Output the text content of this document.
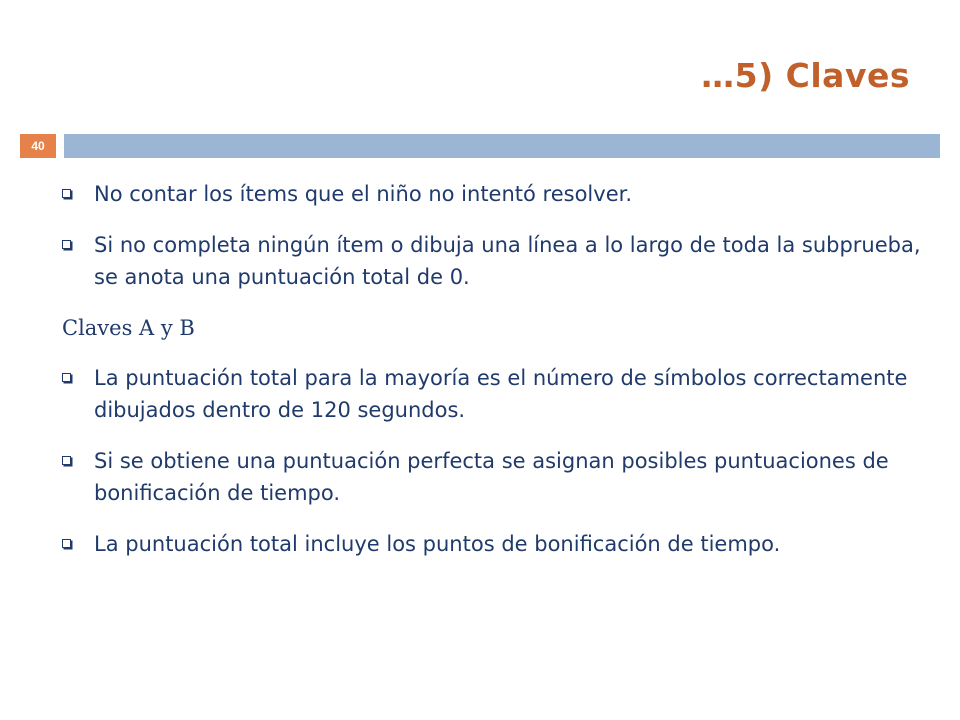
…5) Claves
40
No contar los ítems que el niño no intentó resolver.
Si no completa ningún ítem o dibuja una línea a lo largo de toda la subprueba, se anota una puntuación total de 0.
Claves A y B
La puntuación total para la mayoría es el número de símbolos correctamente dibujados dentro de 120 segundos.
Si se obtiene una puntuación perfecta se asignan posibles puntuaciones de bonificación de tiempo.
La puntuación total incluye los puntos de bonificación de tiempo.
